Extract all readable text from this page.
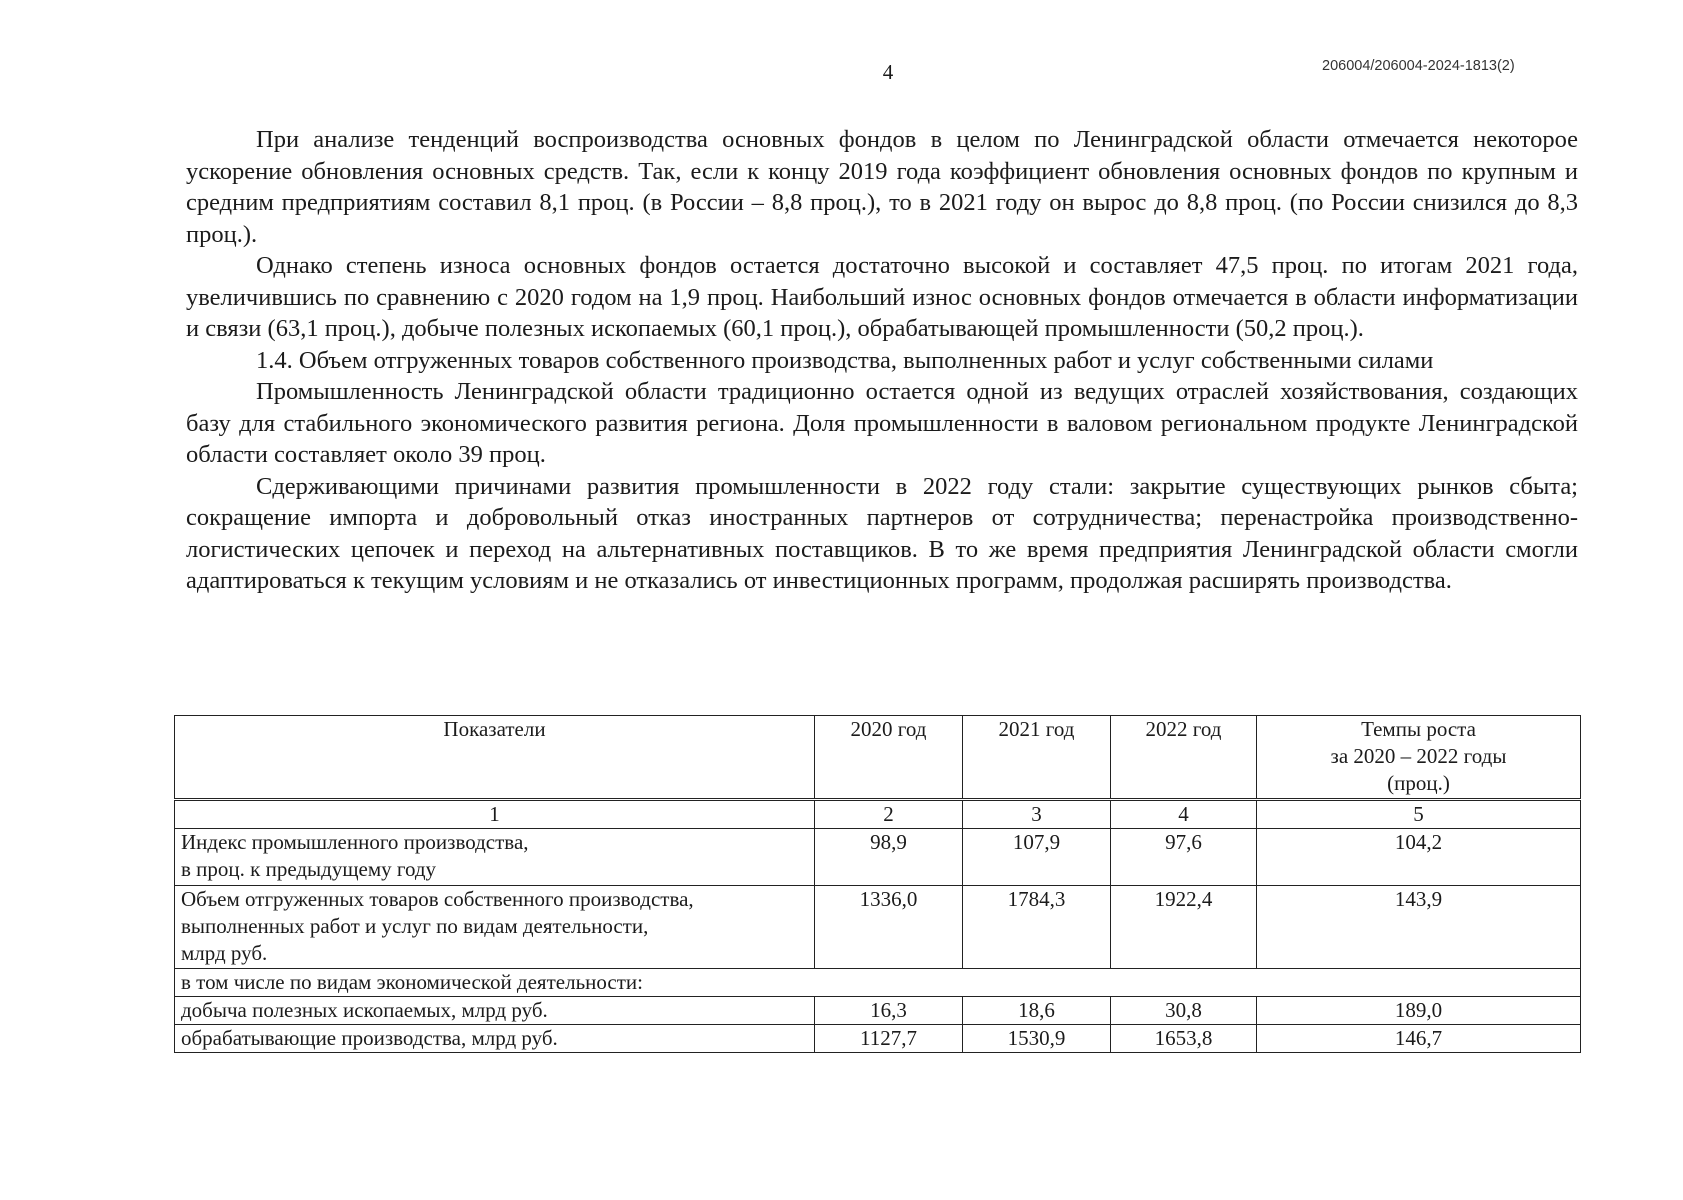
4	206004/206004-2024-1813(2)

При анализе тенденций воспроизводства основных фондов в целом по Ленинградской области отмечается некоторое ускорение обновления основных средств. Так, если к концу 2019 года коэффициент обновления основных фондов по крупным и средним предприятиям составил 8,1 проц. (в России – 8,8 проц.), то в 2021 году он вырос до 8,8 проц. (по России снизился до 8,3 проц.).

Однако степень износа основных фондов остается достаточно высокой и составляет 47,5 проц. по итогам 2021 года, увеличившись по сравнению с 2020 годом на 1,9 проц. Наибольший износ основных фондов отмечается в области информатизации и связи (63,1 проц.), добыче полезных ископаемых (60,1 проц.), обрабатывающей промышленности (50,2 проц.).

1.4. Объем отгруженных товаров собственного производства, выполненных работ и услуг собственными силами

Промышленность Ленинградской области традиционно остается одной из ведущих отраслей хозяйствования, создающих базу для стабильного экономического развития региона. Доля промышленности в валовом региональном продукте Ленинградской области составляет около 39 проц.

Сдерживающими причинами развития промышленности в 2022 году стали: закрытие существующих рынков сбыта; сокращение импорта и добровольный отказ иностранных партнеров от сотрудничества; перенастройка производственно-логистических цепочек и переход на альтернативных поставщиков. В то же время предприятия Ленинградской области смогли адаптироваться к текущим условиям и не отказались от инвестиционных программ, продолжая расширять производства.

Показатели	2020 год	2021 год	2022 год	Темпы роста
за 2020 – 2022 годы
(проц.)
1	2	3	4	5
Индекс промышленного производства,
в проц. к предыдущему году	98,9	107,9	97,6	104,2
Объем отгруженных товаров собственного производства,
выполненных работ и услуг по видам деятельности,
млрд руб.	1336,0	1784,3	1922,4	143,9
в том числе по видам экономической деятельности:				
добыча полезных ископаемых, млрд руб.	16,3	18,6	30,8	189,0
обрабатывающие производства, млрд руб.	1127,7	1530,9	1653,8	146,7
